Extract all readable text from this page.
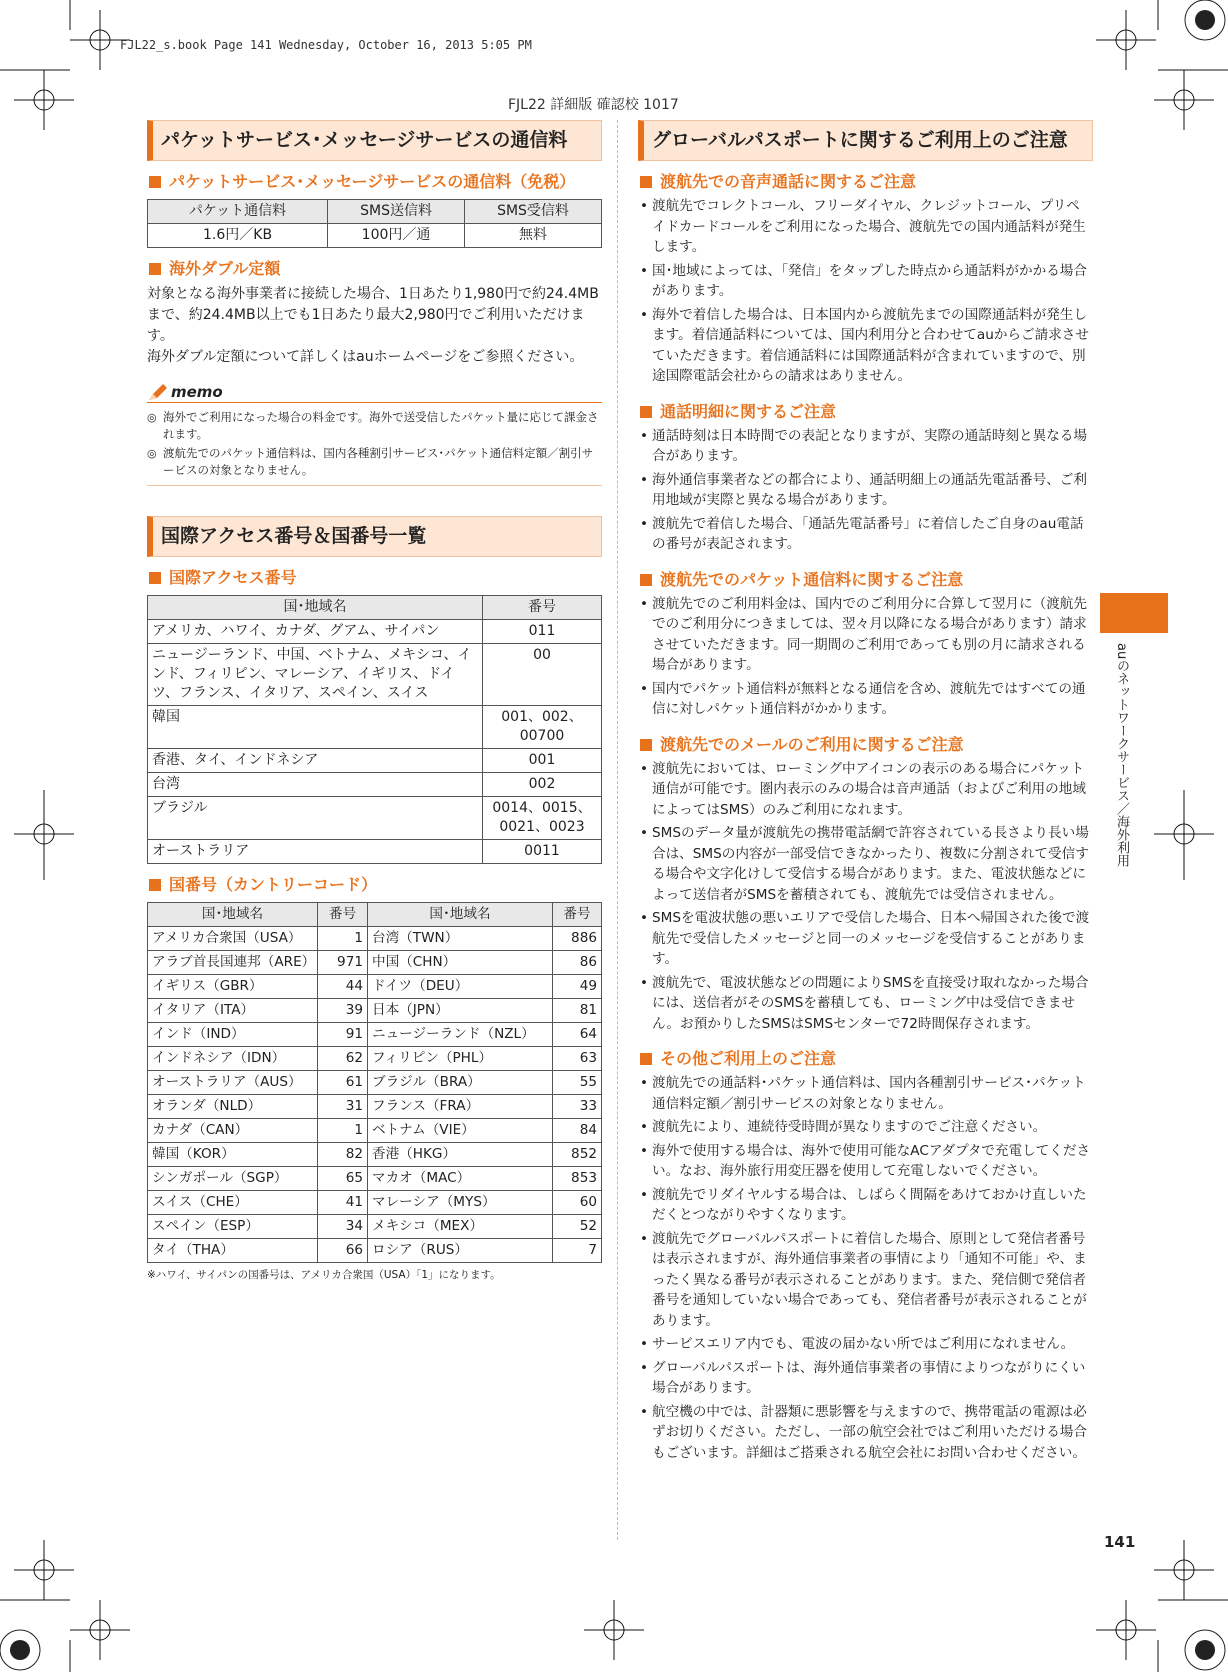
FJL22_s.book Page 141 Wednesday, October 16, 2013 5:05 PM
FJL22 詳細版 確認校 1017
パケットサービス･メッセージサービスの通信料
パケットサービス･メッセージサービスの通信料（免税）
パケット通信料	SMS送信料	SMS受信料
1.6円／KB	100円／通	無料
海外ダブル定額

対象となる海外事業者に接続した場合、1日あたり1,980円で約24.4MBまで、約24.4MB以上でも1日あたり最大2,980円でご利用いただけます。

海外ダブル定額について詳しくはauホームページをご参照ください。

memo
◎ 海外でご利用になった場合の料金です。海外で送受信したパケット量に応じて課金されます。
◎ 渡航先でのパケット通信料は、国内各種割引サービス･パケット通信料定額／割引サービスの対象となりません。
国際アクセス番号＆国番号一覧
国際アクセス番号
国･地域名	番号
アメリカ、ハワイ、カナダ、グアム、サイパン	011
ニュージーランド、中国、ベトナム、メキシコ、インド、フィリピン、マレーシア、イギリス、ドイツ、フランス、イタリア、スペイン、スイス	00
韓国	001、002、00700
香港、タイ、インドネシア	001
台湾	002
ブラジル	0014、0015、0021、0023
オーストラリア	0011
国番号（カントリーコード）
国･地域名	番号	国･地域名	番号
アメリカ合衆国（USA）	1	台湾（TWN）	886
アラブ首長国連邦（ARE）	971	中国（CHN）	86
イギリス（GBR）	44	ドイツ（DEU）	49
イタリア（ITA）	39	日本（JPN）	81
インド（IND）	91	ニュージーランド（NZL）	64
インドネシア（IDN）	62	フィリピン（PHL）	63
オーストラリア（AUS）	61	ブラジル（BRA）	55
オランダ（NLD）	31	フランス（FRA）	33
カナダ（CAN）	1	ベトナム（VIE）	84
韓国（KOR）	82	香港（HKG）	852
シンガポール（SGP）	65	マカオ（MAC）	853
スイス（CHE）	41	マレーシア（MYS）	60
スペイン（ESP）	34	メキシコ（MEX）	52
タイ（THA）	66	ロシア（RUS）	7
※ハワイ、サイパンの国番号は、アメリカ合衆国（USA）「1」になります。
グローバルパスポートに関するご利用上のご注意
渡航先での音声通話に関するご注意
• 渡航先でコレクトコール、フリーダイヤル、クレジットコール、プリペイドカードコールをご利用になった場合、渡航先での国内通話料が発生します。
• 国･地域によっては、「発信」をタップした時点から通話料がかかる場合があります。
• 海外で着信した場合は、日本国内から渡航先までの国際通話料が発生します。着信通話料については、国内利用分と合わせてauからご請求させていただきます。着信通話料には国際通話料が含まれていますので、別途国際電話会社からの請求はありません。
通話明細に関するご注意
• 通話時刻は日本時間での表記となりますが、実際の通話時刻と異なる場合があります。
• 海外通信事業者などの都合により、通話明細上の通話先電話番号、ご利用地域が実際と異なる場合があります。
• 渡航先で着信した場合、「通話先電話番号」に着信したご自身のau電話の番号が表記されます。
渡航先でのパケット通信料に関するご注意
• 渡航先でのご利用料金は、国内でのご利用分に合算して翌月に（渡航先でのご利用分につきましては、翌々月以降になる場合があります）請求させていただきます。同一期間のご利用であっても別の月に請求される場合があります。
• 国内でパケット通信料が無料となる通信を含め、渡航先ではすべての通信に対しパケット通信料がかかります。
渡航先でのメールのご利用に関するご注意
• 渡航先においては、ローミング中アイコンの表示のある場合にパケット通信が可能です。圏内表示のみの場合は音声通話（およびご利用の地域によってはSMS）のみご利用になれます。
• SMSのデータ量が渡航先の携帯電話網で許容されている長さより長い場合は、SMSの内容が一部受信できなかったり、複数に分割されて受信する場合や文字化けして受信する場合があります。また、電波状態などによって送信者がSMSを蓄積されても、渡航先では受信されません。
• SMSを電波状態の悪いエリアで受信した場合、日本へ帰国された後で渡航先で受信したメッセージと同一のメッセージを受信することがあります。
• 渡航先で、電波状態などの問題によりSMSを直接受け取れなかった場合には、送信者がそのSMSを蓄積しても、ローミング中は受信できません。お預かりしたSMSはSMSセンターで72時間保存されます。
その他ご利用上のご注意
• 渡航先での通話料･パケット通信料は、国内各種割引サービス･パケット通信料定額／割引サービスの対象となりません。
• 渡航先により、連続待受時間が異なりますのでご注意ください。
• 海外で使用する場合は、海外で使用可能なACアダプタで充電してください。なお、海外旅行用変圧器を使用して充電しないでください。
• 渡航先でリダイヤルする場合は、しばらく間隔をあけておかけ直しいただくとつながりやすくなります。
• 渡航先でグローバルパスポートに着信した場合、原則として発信者番号は表示されますが、海外通信事業者の事情により「通知不可能」や、まったく異なる番号が表示されることがあります。また、発信側で発信者番号を通知していない場合であっても、発信者番号が表示されることがあります。
• サービスエリア内でも、電波の届かない所ではご利用になれません。
• グローバルパスポートは、海外通信事業者の事情によりつながりにくい場合があります。
• 航空機の中では、計器類に悪影響を与えますので、携帯電話の電源は必ずお切りください。ただし、一部の航空会社ではご利用いただける場合もございます。詳細はご搭乗される航空会社にお問い合わせください。
auのネットワークサービス／海外利用
141
